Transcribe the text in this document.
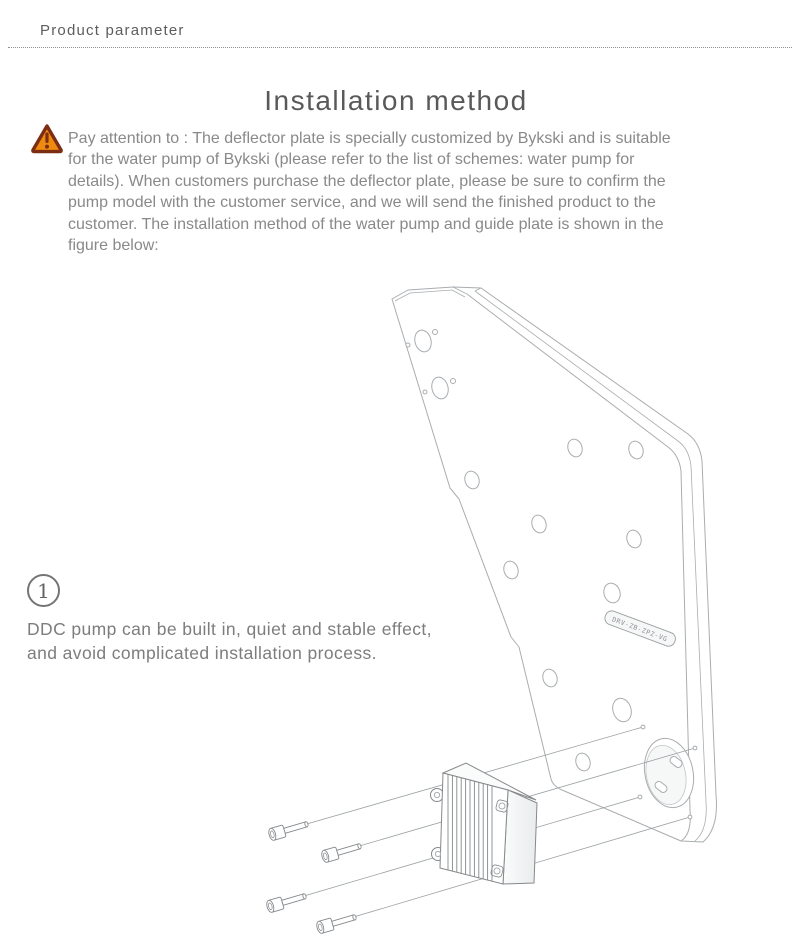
Product parameter
Installation method
Pay attention to : The deflector plate is specially customized by Bykski and is suitable
for the water pump of Bykski (please refer to the list of schemes: water pump for
details). When customers purchase the deflector plate, please be sure to confirm the
pump model with the customer service, and we will send the finished product to the
customer. The installation method of the water pump and guide plate is shown in the
figure below:
DRV-ZB-ZPZ-VG
1
DDC pump can be built in, quiet and stable effect,
and avoid complicated installation process.
